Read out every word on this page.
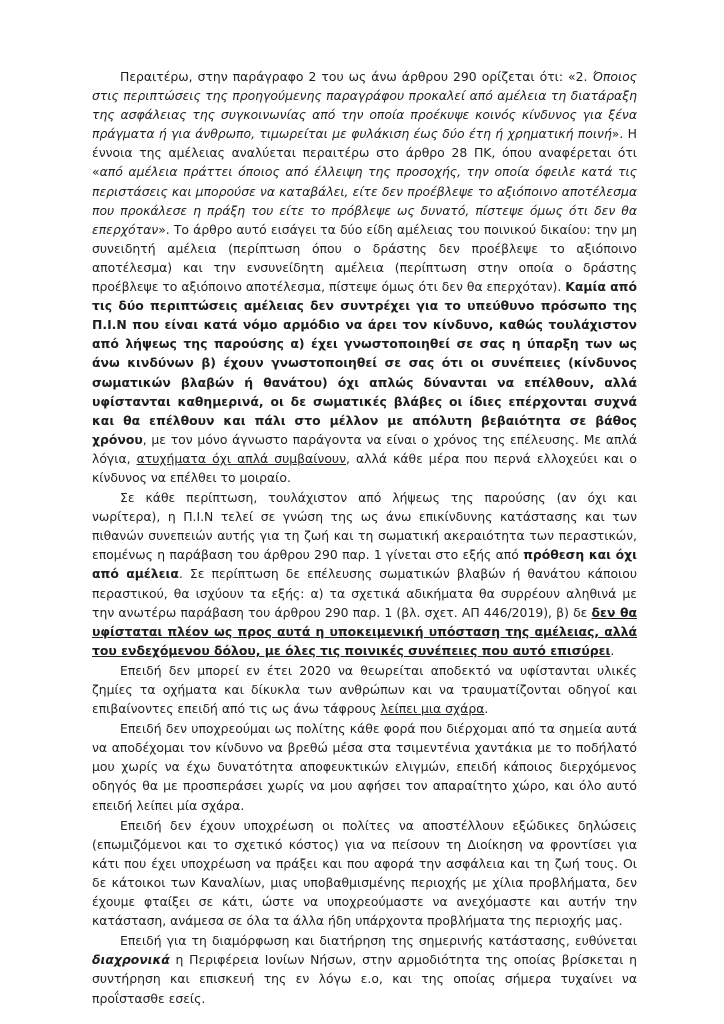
Περαιτέρω, στην παράγραφο 2 του ως άνω άρθρου 290 ορίζεται ότι: «2. Όποιος στις περιπτώσεις της προηγούμενης παραγράφου προκαλεί από αμέλεια τη διατάραξη της ασφάλειας της συγκοινωνίας από την οποία προέκυψε κοινός κίνδυνος για ξένα πράγματα ή για άνθρωπο, τιμωρείται με φυλάκιση έως δύο έτη ή χρηματική ποινή». Η έννοια της αμέλειας αναλύεται περαιτέρω στο άρθρο 28 ΠΚ, όπου αναφέρεται ότι «από αμέλεια πράττει όποιος από έλλειψη της προσοχής, την οποία όφειλε κατά τις περιστάσεις και μπορούσε να καταβάλει, είτε δεν προέβλεψε το αξιόποινο αποτέλεσμα που προκάλεσε η πράξη του είτε το πρόβλεψε ως δυνατό, πίστεψε όμως ότι δεν θα επερχόταν». Το άρθρο αυτό εισάγει τα δύο είδη αμέλειας του ποινικού δικαίου: την μη συνειδητή αμέλεια (περίπτωση όπου ο δράστης δεν προέβλεψε το αξιόποινο αποτέλεσμα) και την ενσυνείδητη αμέλεια (περίπτωση στην οποία ο δράστης προέβλεψε το αξιόποινο αποτέλεσμα, πίστεψε όμως ότι δεν θα επερχόταν). Καμία από τις δύο περιπτώσεις αμέλειας δεν συντρέχει για το υπεύθυνο πρόσωπο της Π.Ι.Ν που είναι κατά νόμο αρμόδιο να άρει τον κίνδυνο, καθώς τουλάχιστον από λήψεως της παρούσης α) έχει γνωστοποιηθεί σε σας η ύπαρξη των ως άνω κινδύνων β) έχουν γνωστοποιηθεί σε σας ότι οι συνέπειες (κίνδυνος σωματικών βλαβών ή θανάτου) όχι απλώς δύνανται να επέλθουν, αλλά υφίστανται καθημερινά, οι δε σωματικές βλάβες οι ίδιες επέρχονται συχνά και θα επέλθουν και πάλι στο μέλλον με απόλυτη βεβαιότητα σε βάθος χρόνου, με τον μόνο άγνωστο παράγοντα να είναι ο χρόνος της επέλευσης. Με απλά λόγια, ατυχήματα όχι απλά συμβαίνουν, αλλά κάθε μέρα που περνά ελλοχεύει και ο κίνδυνος να επέλθει το μοιραίο.

Σε κάθε περίπτωση, τουλάχιστον από λήψεως της παρούσης (αν όχι και νωρίτερα), η Π.Ι.Ν τελεί σε γνώση της ως άνω επικίνδυνης κατάστασης και των πιθανών συνεπειών αυτής για τη ζωή και τη σωματική ακεραιότητα των περαστικών, επομένως η παράβαση του άρθρου 290 παρ. 1 γίνεται στο εξής από πρόθεση και όχι από αμέλεια. Σε περίπτωση δε επέλευσης σωματικών βλαβών ή θανάτου κάποιου περαστικού, θα ισχύουν τα εξής: α) τα σχετικά αδικήματα θα συρρέουν αληθινά με την ανωτέρω παράβαση του άρθρου 290 παρ. 1 (βλ. σχετ. ΑΠ 446/2019), β) δε δεν θα υφίσταται πλέον ως προς αυτά η υποκειμενική υπόσταση της αμέλειας, αλλά του ενδεχόμενου δόλου, με όλες τις ποινικές συνέπειες που αυτό επισύρει.

Επειδή δεν μπορεί εν έτει 2020 να θεωρείται αποδεκτό να υφίστανται υλικές ζημίες τα οχήματα και δίκυκλα των ανθρώπων και να τραυματίζονται οδηγοί και επιβαίνοντες επειδή από τις ως άνω τάφρους λείπει μια σχάρα.

Επειδή δεν υποχρεούμαι ως πολίτης κάθε φορά που διέρχομαι από τα σημεία αυτά να αποδέχομαι τον κίνδυνο να βρεθώ μέσα στα τσιμεντένια χαντάκια με το ποδήλατό μου χωρίς να έχω δυνατότητα αποφευκτικών ελιγμών, επειδή κάποιος διερχόμενος οδηγός θα με προσπεράσει χωρίς να μου αφήσει τον απαραίτητο χώρο, και όλο αυτό επειδή λείπει μία σχάρα.

Επειδή δεν έχουν υποχρέωση οι πολίτες να αποστέλλουν εξώδικες δηλώσεις (επωμιζόμενοι και το σχετικό κόστος) για να πείσουν τη Διοίκηση να φροντίσει για κάτι που έχει υποχρέωση να πράξει και που αφορά την ασφάλεια και τη ζωή τους. Οι δε κάτοικοι των Καναλίων, μιας υποβαθμισμένης περιοχής με χίλια προβλήματα, δεν έχουμε φταίξει σε κάτι, ώστε να υποχρεούμαστε να ανεχόμαστε και αυτήν την κατάσταση, ανάμεσα σε όλα τα άλλα ήδη υπάρχοντα προβλήματα της περιοχής μας.

Επειδή για τη διαμόρφωση και διατήρηση της σημερινής κατάστασης, ευθύνεται διαχρονικά η Περιφέρεια Ιονίων Νήσων, στην αρμοδιότητα της οποίας βρίσκεται η συντήρηση και επισκευή της εν λόγω ε.ο, και της οποίας σήμερα τυχαίνει να προΐστασθε εσείς.
